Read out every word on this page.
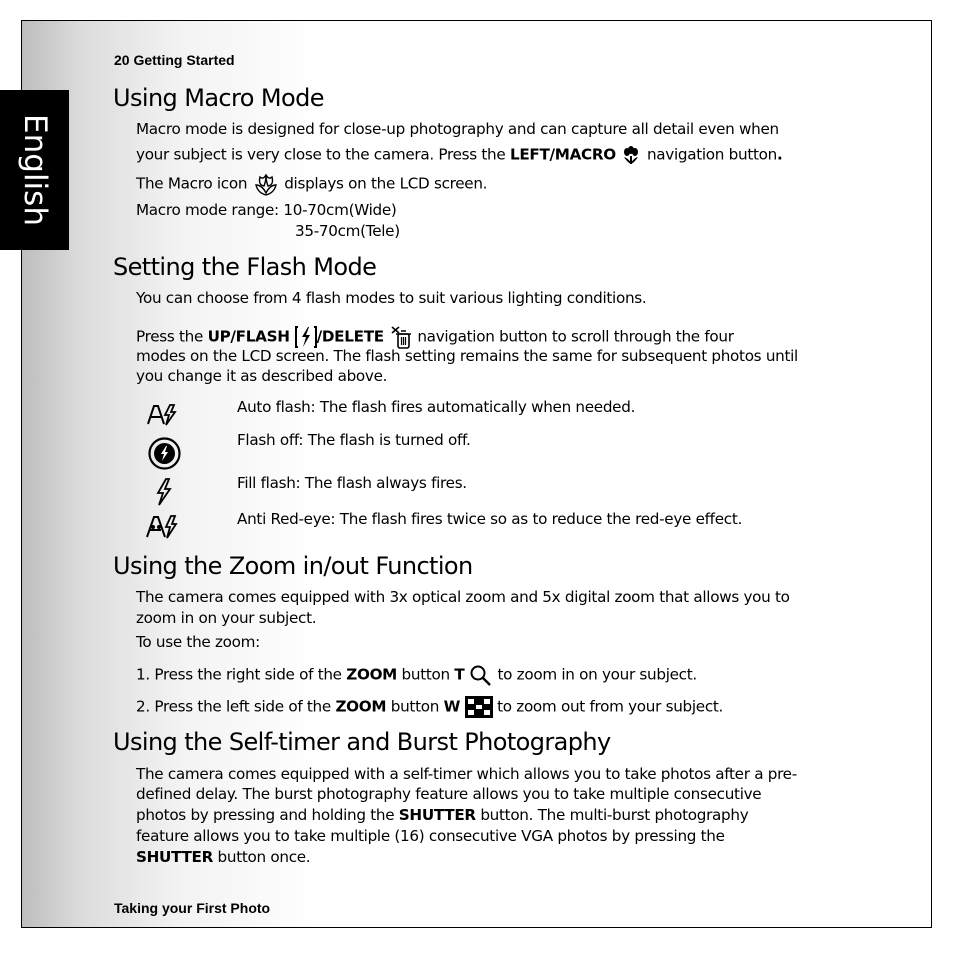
English
20 Getting Started
Using Macro Mode
Macro mode is designed for close-up photography and can capture all detail even when
your subject is very close to the camera. Press the LEFT/MACRO  navigation button.
The Macro icon  displays on the LCD screen.
Macro mode range: 10-70cm(Wide)
35-70cm(Tele)
Setting the Flash Mode
You can choose from 4 flash modes to suit various lighting conditions.
Press the UP/FLASH /DELETE  navigation button to scroll through the four
modes on the LCD screen. The flash setting remains the same for subsequent photos until
you change it as described above.
Auto flash: The flash fires automatically when needed.
Flash off: The flash is turned off.
Fill flash: The flash always fires.
Anti Red-eye: The flash fires twice so as to reduce the red-eye effect.
Using the Zoom in/out Function
The camera comes equipped with 3x optical zoom and 5x digital zoom that allows you to
zoom in on your subject.
To use the zoom:
1. Press the right side of the ZOOM button T  to zoom in on your subject.
2. Press the left side of the ZOOM button W  to zoom out from your subject.
Using the Self-timer and Burst Photography
The camera comes equipped with a self-timer which allows you to take photos after a pre-
defined delay. The burst photography feature allows you to take multiple consecutive
photos by pressing and holding the SHUTTER button. The multi-burst photography
feature allows you to take multiple (16) consecutive VGA photos by pressing the
SHUTTER button once.
Taking your First Photo
